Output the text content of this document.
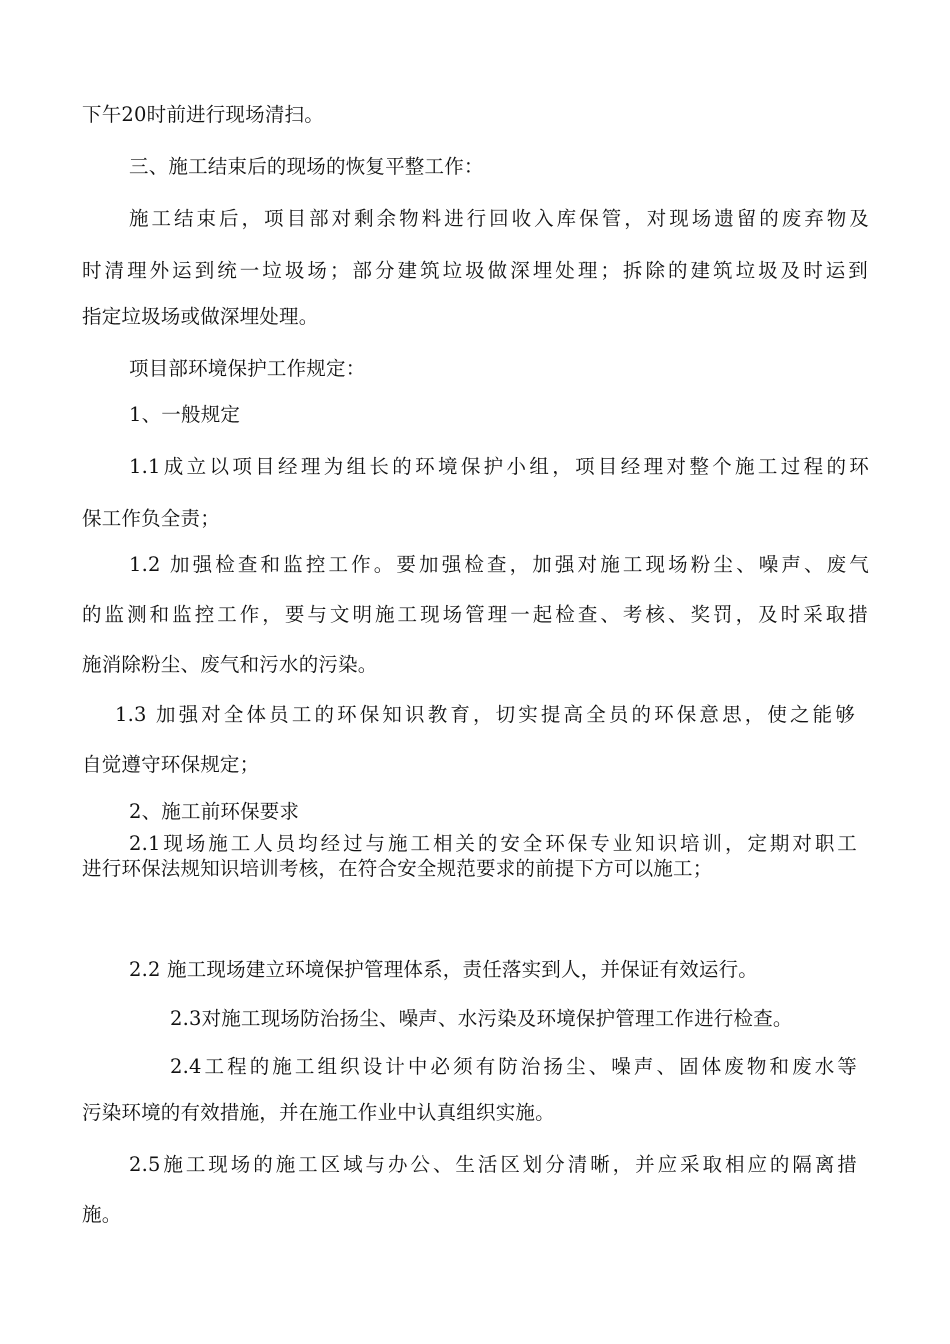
下午20时前进行现场清扫。
三、施工结束后的现场的恢复平整工作：
施工结束后，项目部对剩余物料进行回收入库保管，对现场遗留的废弃物及
时清理外运到统一垃圾场；部分建筑垃圾做深埋处理；拆除的建筑垃圾及时运到
指定垃圾场或做深埋处理。
项目部环境保护工作规定：
1、一般规定
1.1成立以项目经理为组长的环境保护小组，项目经理对整个施工过程的环
保工作负全责；
1.2 加强检查和监控工作。要加强检查，加强对施工现场粉尘、噪声、废气
的监测和监控工作，要与文明施工现场管理一起检查、考核、奖罚，及时采取措
施消除粉尘、废气和污水的污染。
1.3 加强对全体员工的环保知识教育，切实提高全员的环保意思，使之能够
自觉遵守环保规定；
2、施工前环保要求
2.1现场施工人员均经过与施工相关的安全环保专业知识培训，定期对职工
进行环保法规知识培训考核，在符合安全规范要求的前提下方可以施工；
2.2 施工现场建立环境保护管理体系，责任落实到人，并保证有效运行。
2.3对施工现场防治扬尘、噪声、水污染及环境保护管理工作进行检查。
2.4工程的施工组织设计中必须有防治扬尘、噪声、固体废物和废水等
污染环境的有效措施，并在施工作业中认真组织实施。
2.5施工现场的施工区域与办公、生活区划分清晰，并应采取相应的隔离措
施。
